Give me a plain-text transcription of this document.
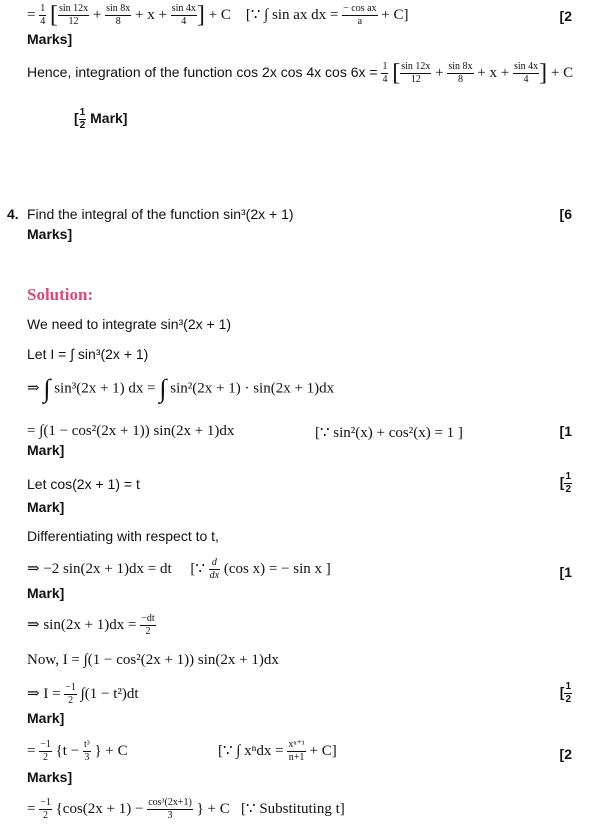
= $\frac{1}{4}$ [ $\frac{\sin 12x}{12} + \frac{\sin 8x}{8} + x + \frac{\sin 4x}{4}$ ] + C [∵ ∫ sin ax dx = $\frac{\text{− cos ax}}{a} + C$]	[2
Marks]
Hence, integration of the function cos 2x cos 4x $\cos 6x = \frac{1}{4}$ [ $\frac{\sin 12x}{12} + \frac{\sin 8x}{8} + x + \frac{\sin 4x}{4}$ ] + C
[ $\frac{1}{2}$ Mark]
4. Find the integral of the function sin³(2x + 1)	[6
Marks]
Solution:
We need to integrate sin³(2x + 1)
Let I = ∫ sin³(2x + 1)
⇒ ∫ sin³(2x + 1) dx = ∫ sin²(2x + 1) · sin(2x + 1)dx
= ∫(1 − cos²(2x + 1)) sin(2x + 1)dx	[∵ sin²(x) + cos²(x) = 1 ]	[1
Mark]
Let cos(2x + 1) = t	[ $\frac{1}{2}$
Mark]
Differentiating with respect to t,
⇒ −2 sin(2x + 1)dx = dt [∵ $\frac{d}{dx} (\cos$ x) = − sin x ]	[1
Mark]
⇒ $\sin(2x + 1)dx = \frac{-dt}{2}$
Now, I = ∫(1 − cos²(2x + 1)) sin(2x + 1)dx
⇒ $I = \frac{-1}{2} \int(1 - t^2)dt$	[ $\frac{1}{2}$
Mark]
= $\frac{-1}{2} \{t - \frac{\text{t³}}{3}$ } + C	[∵ ∫ $x^ndx = \frac{\text{xⁿ⁺¹}}{n+1} + C$]	[2
Marks]
= $\frac{-1}{2} \{\cos(2x + 1) - \frac{\text{cos³(2x+1)}}{3}$ } + C [∵ Substituting t]
